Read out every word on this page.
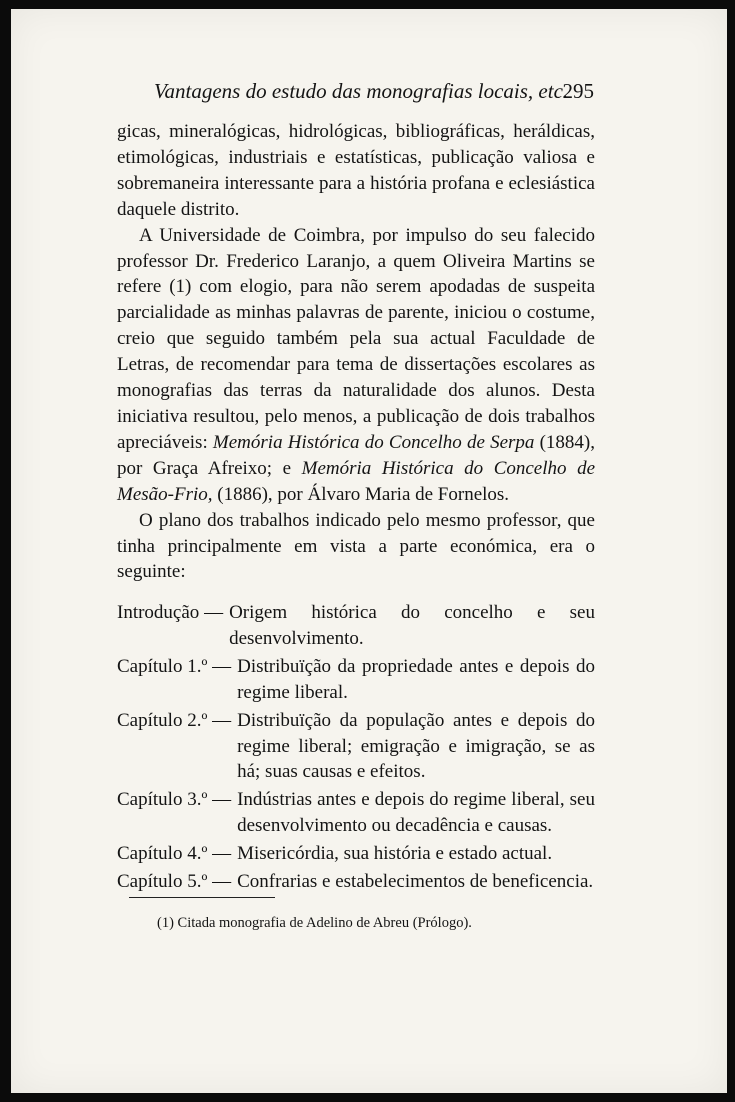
Vantagens do estudo das monografias locais, etc.
295

gicas, mineralógicas, hidrológicas, bibliográficas, heráldicas, etimológicas, industriais e estatísticas, publicação valiosa e sobremaneira interessante para a história profana e eclesiástica daquele distrito.

A Universidade de Coimbra, por impulso do seu falecido professor Dr. Frederico Laranjo, a quem Oliveira Martins se refere (1) com elogio, para não serem apodadas de suspeita parcialidade as minhas palavras de parente, iniciou o costume, creio que seguido também pela sua actual Faculdade de Letras, de recomendar para tema de dissertações escolares as monografias das terras da naturalidade dos alunos. Desta iniciativa resultou, pelo menos, a publicação de dois trabalhos apreciáveis: Memória Histórica do Concelho de Serpa (1884), por Graça Afreixo; e Memória Histórica do Concelho de Mesão-Frio, (1886), por Álvaro Maria de Fornelos.

O plano dos trabalhos indicado pelo mesmo professor, que tinha principalmente em vista a parte económica, era o seguinte:

Introdução — Origem histórica do concelho e seu desenvolvimento.
Capítulo 1.º — Distribuïção da propriedade antes e depois do regime liberal.
Capítulo 2.º — Distribuïção da população antes e depois do regime liberal; emigração e imigração, se as há; suas causas e efeitos.
Capítulo 3.º — Indústrias antes e depois do regime liberal, seu desenvolvimento ou decadência e causas.
Capítulo 4.º — Misericórdia, sua história e estado actual.
Capítulo 5.º — Confrarias e estabelecimentos de beneficencia.
(1) Citada monografia de Adelino de Abreu (Prólogo).
